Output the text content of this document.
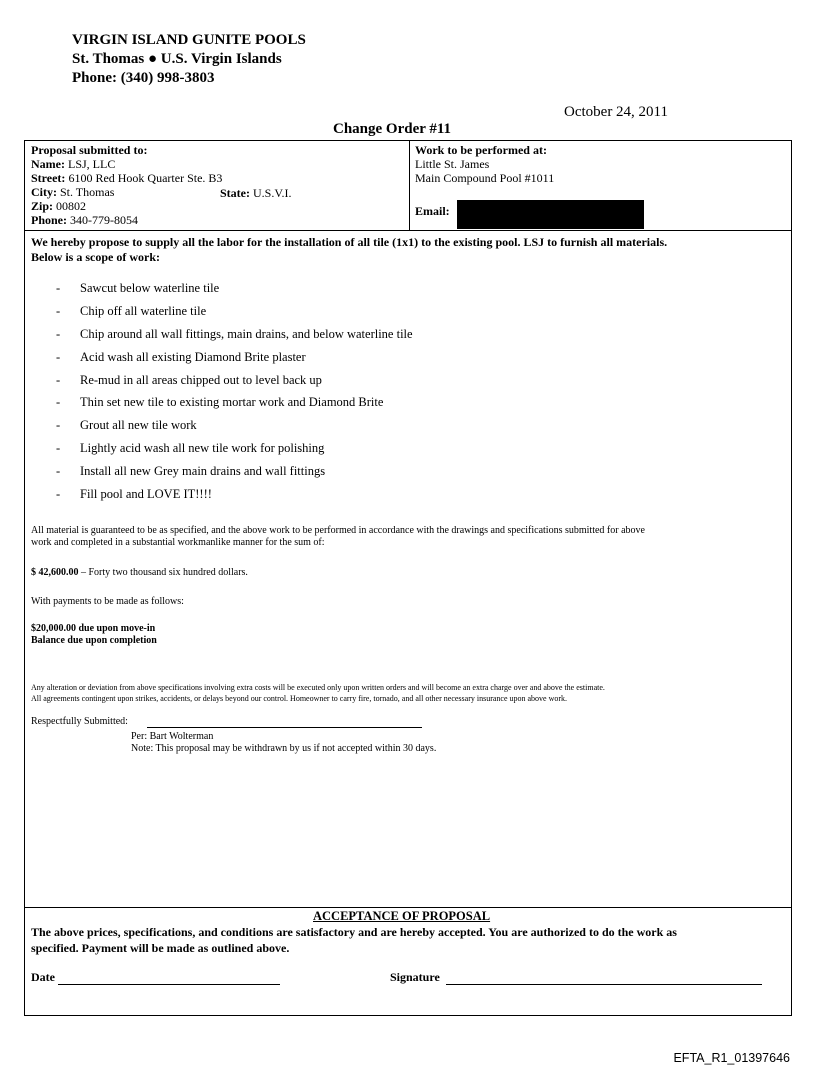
VIRGIN ISLAND GUNITE POOLS
St. Thomas ● U.S. Virgin Islands
Phone: (340) 998-3803
October 24, 2011
Change Order #11
Proposal submitted to:
Name: LSJ, LLC
Street: 6100 Red Hook Quarter Ste. B3
City: St. Thomas
Zip: 00802
Phone: 340-779-8054
State: U.S.V.I.
Work to be performed at:
Little St. James
Main Compound Pool #1011
Email:
We hereby propose to supply all the labor for the installation of all tile (1x1) to the existing pool. LSJ to furnish all materials.
Below is a scope of work:
-	Sawcut below waterline tile
-	Chip off all waterline tile
-	Chip around all wall fittings, main drains, and below waterline tile
-	Acid wash all existing Diamond Brite plaster
-	Re-mud in all areas chipped out to level back up
-	Thin set new tile to existing mortar work and Diamond Brite
-	Grout all new tile work
-	Lightly acid wash all new tile work for polishing
-	Install all new Grey main drains and wall fittings
-	Fill pool and LOVE IT!!!!
All material is guaranteed to be as specified, and the above work to be performed in accordance with the drawings and specifications submitted for above
work and completed in a substantial workmanlike manner for the sum of:
$ 42,600.00 – Forty two thousand six hundred dollars.
With payments to be made as follows:
$20,000.00 due upon move-in
Balance due upon completion
Any alteration or deviation from above specifications involving extra costs will be executed only upon written orders and will become an extra charge over and above the estimate.
All agreements contingent upon strikes, accidents, or delays beyond our control. Homeowner to carry fire, tornado, and all other necessary insurance upon above work.
Respectfully Submitted:
Per: Bart Wolterman
Note: This proposal may be withdrawn by us if not accepted within 30 days.
ACCEPTANCE OF PROPOSAL
The above prices, specifications, and conditions are satisfactory and are hereby accepted. You are authorized to do the work as
specified. Payment will be made as outlined above.
Date	Signature
EFTA_R1_01397646
